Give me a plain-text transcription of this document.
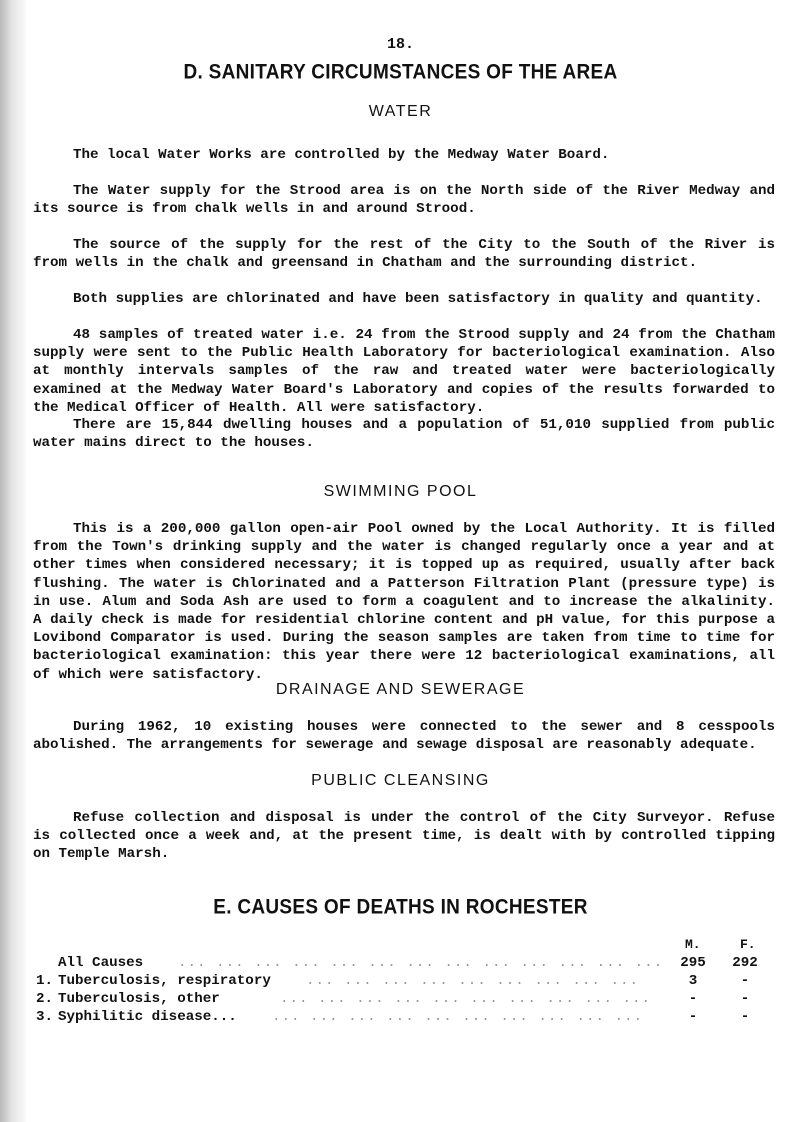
18.
D. SANITARY CIRCUMSTANCES OF THE AREA
WATER
The local Water Works are controlled by the Medway Water Board.
The Water supply for the Strood area is on the North side of the River Medway and its source is from chalk wells in and around Strood.
The source of the supply for the rest of the City to the South of the River is from wells in the chalk and greensand in Chatham and the surrounding district.
Both supplies are chlorinated and have been satisfactory in quality and quantity.
48 samples of treated water i.e. 24 from the Strood supply and 24 from the Chatham supply were sent to the Public Health Laboratory for bacteriological examination. Also at monthly intervals samples of the raw and treated water were bacteriologically examined at the Medway Water Board's Laboratory and copies of the results forwarded to the Medical Officer of Health. All were satisfactory.
There are 15,844 dwelling houses and a population of 51,010 supplied from public water mains direct to the houses.
SWIMMING POOL
This is a 200,000 gallon open-air Pool owned by the Local Authority. It is filled from the Town's drinking supply and the water is changed regularly once a year and at other times when considered necessary; it is topped up as required, usually after back flushing. The water is Chlorinated and a Patterson Filtration Plant (pressure type) is in use. Alum and Soda Ash are used to form a coagulent and to increase the alkalinity. A daily check is made for residential chlorine content and pH value, for this purpose a Lovibond Comparator is used. During the season samples are taken from time to time for bacteriological examination: this year there were 12 bacteriological examinations, all of which were satisfactory.
DRAINAGE AND SEWERAGE
During 1962, 10 existing houses were connected to the sewer and 8 cesspools abolished. The arrangements for sewerage and sewage disposal are reasonably adequate.
PUBLIC CLEANSING
Refuse collection and disposal is under the control of the City Surveyor. Refuse is collected once a week and, at the present time, is dealt with by controlled tipping on Temple Marsh.
E. CAUSES OF DEATHS IN ROCHESTER
M.	F.
All Causes ... ... ... ... ... ... ... ... ... ... ... ... ...	295	292
1. Tuberculosis, respiratory ... ... ... ... ... ... ... ... ...	3	-
2. Tuberculosis, other	... ... ... ... ... ... ... ... ... ...	-	-
3. Syphilitic disease... ... ... ... ... ... ... ... ... ... ...	-	-
